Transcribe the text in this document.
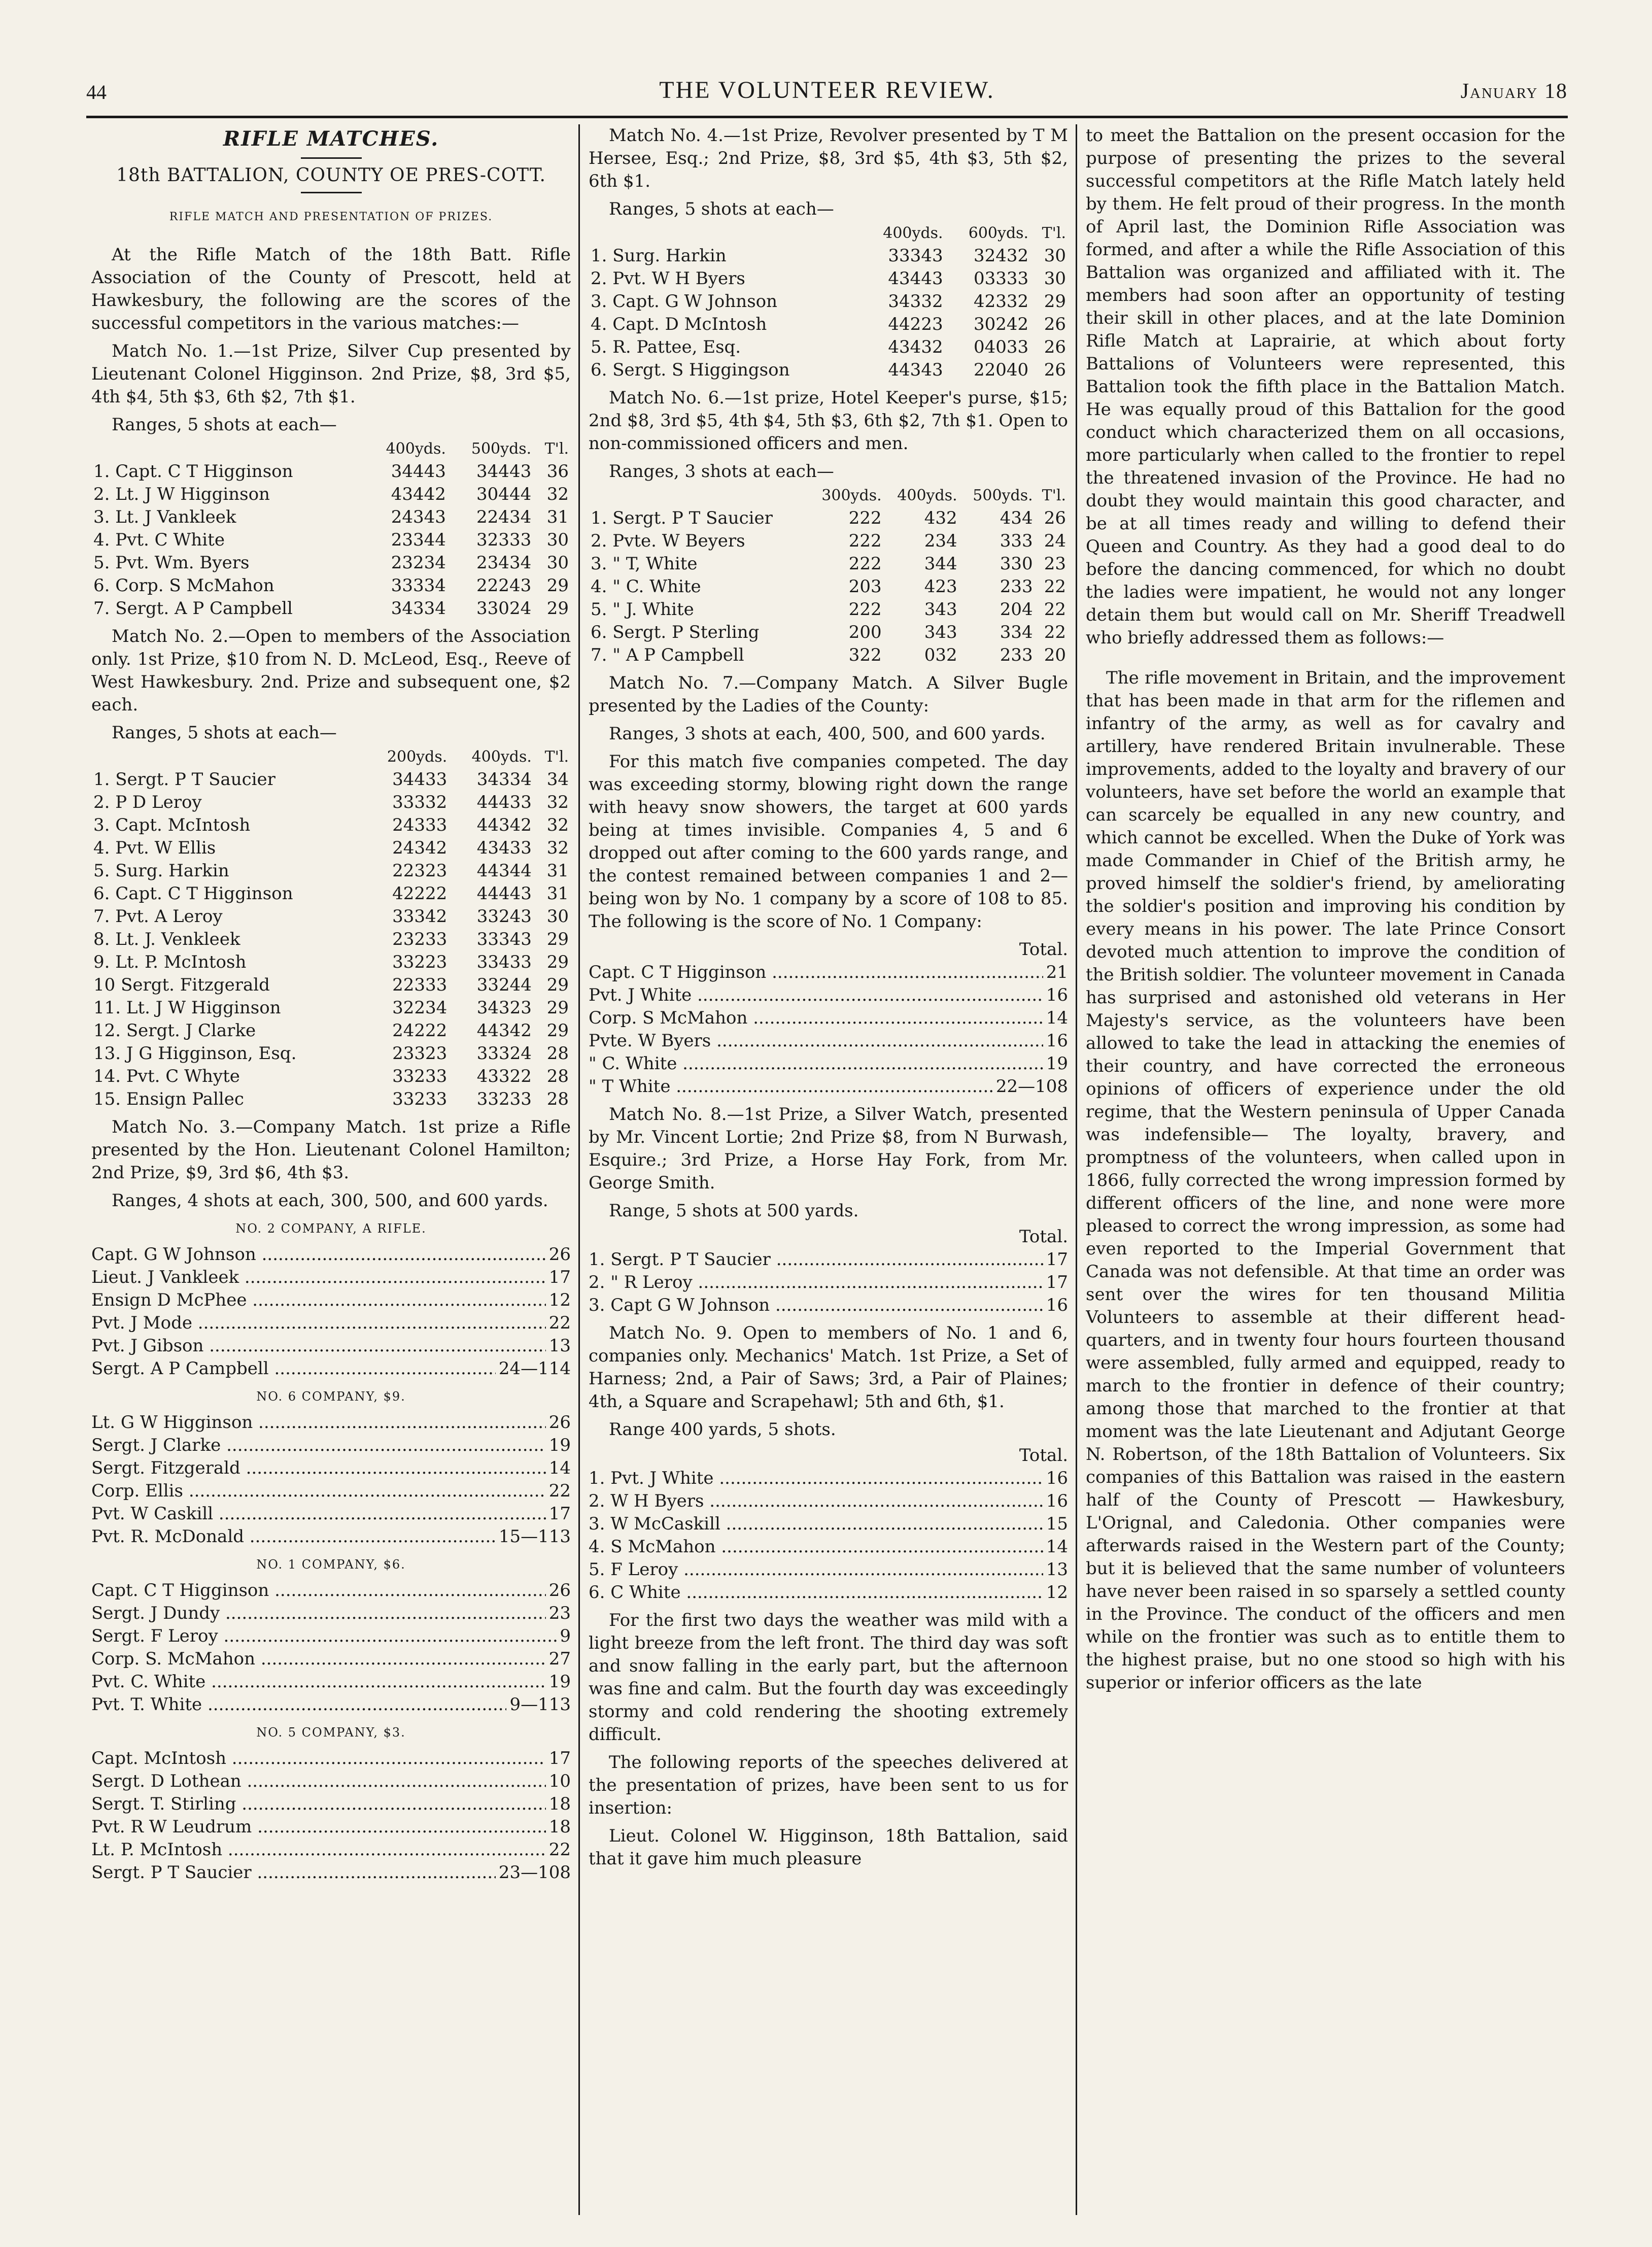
44	THE VOLUNTEER REVIEW.	January 18
RIFLE MATCHES.
18th BATTALION, COUNTY OE PRES-COTT.
RIFLE MATCH AND PRESENTATION OF PRIZES.

At the Rifle Match of the 18th Batt. Rifle Association of the County of Prescott, held at Hawkesbury, the following are the scores of the successful competitors in the various matches:—

Match No. 1.—1st Prize, Silver Cup presented by Lieutenant Colonel Higginson. 2nd Prize, $8, 3rd $5, 4th $4, 5th $3, 6th $2, 7th $1.

Ranges, 5 shots at each—
	400yds.	500yds.	T'l.
1. Capt. C T Higginson	34443	34443	36
2. Lt. J W Higginson	43442	30444	32
3. Lt. J Vankleek	24343	22434	31
4. Pvt. C White	23344	32333	30
5. Pvt. Wm. Byers	23234	23434	30
6. Corp. S McMahon	33334	22243	29
7. Sergt. A P Campbell	34334	33024	29

Match No. 2.—Open to members of the Association only. 1st Prize, $10 from N. D. McLeod, Esq., Reeve of West Hawkesbury. 2nd. Prize and subsequent one, $2 each.

Ranges, 5 shots at each—
	200yds.	400yds.	T'l.
1. Sergt. P T Saucier	34433	34334	34
2. P D Leroy	33332	44433	32
3. Capt. McIntosh	24333	44342	32
4. Pvt. W Ellis	24342	43433	32
5. Surg. Harkin	22323	44344	31
6. Capt. C T Higginson	42222	44443	31
7. Pvt. A Leroy	33342	33243	30
8. Lt. J. Venkleek	23233	33343	29
9. Lt. P. McIntosh	33223	33433	29
10 Sergt. Fitzgerald	22333	33244	29
11. Lt. J W Higginson	32234	34323	29
12. Sergt. J Clarke	24222	44342	29
13. J G Higginson, Esq.	23323	33324	28
14. Pvt. C Whyte	33233	43322	28
15. Ensign Pallec	33233	33233	28

Match No. 3.—Company Match. 1st prize a Rifle presented by the Hon. Lieutenant Colonel Hamilton; 2nd Prize, $9, 3rd $6, 4th $3.

Ranges, 4 shots at each, 300, 500, and 600 yards.

NO. 2 COMPANY, A RIFLE.
Capt. G W Johnson .....	26
Lieut. J Vankleek .....	17
Ensign D McPhee .....	12
Pvt. J Mode .....	22
Pvt. J Gibson .....	13
Sergt. A P Campbell .....	24—114
NO. 6 COMPANY, $9.
Lt. G W Higginson .....	26
Sergt. J Clarke .....	19
Sergt. Fitzgerald .....	14
Corp. Ellis .....	22
Pvt. W Caskill .....	17
Pvt. R. McDonald .....	15—113
NO. 1 COMPANY, $6.
Capt. C T Higginson .....	26
Sergt. J Dundy .....	23
Sergt. F Leroy .....	9
Corp. S. McMahon .....	27
Pvt. C. White .....	19
Pvt. T. White .....	9—113
NO. 5 COMPANY, $3.
Capt. McIntosh .....	17
Sergt. D Lothean .....	10
Sergt. T. Stirling .....	18
Pvt. R W Leudrum .....	18
Lt. P. McIntosh .....	22
Sergt. P T Saucier .....	23—108

Match No. 4.—1st Prize, Revolver presented by T M Hersee, Esq.; 2nd Prize, $8, 3rd $5, 4th $3, 5th $2, 6th $1.

Ranges, 5 shots at each—
	400yds.	600yds.	T'l.
1. Surg. Harkin	33343	32432	30
2. Pvt. W H Byers	43443	03333	30
3. Capt. G W Johnson	34332	42332	29
4. Capt. D McIntosh	44223	30242	26
5. R. Pattee, Esq.	43432	04033	26
6. Sergt. S Higgingson	44343	22040	26

Match No. 6.—1st prize, Hotel Keeper's purse, $15; 2nd $8, 3rd $5, 4th $4, 5th $3, 6th $2, 7th $1. Open to non-commissioned officers and men.

Ranges, 3 shots at each—
	300yds.	400yds.	500yds.	T'l.
1. Sergt. P T Saucier	222	432	434	26
2. Pvte. W Beyers	222	234	333	24
3. " T, White	222	344	330	23
4. " C. White	203	423	233	22
5. " J. White	222	343	204	22
6. Sergt. P Sterling	200	343	334	22
7. " A P Campbell	322	032	233	20

Match No. 7.—Company Match. A Silver Bugle presented by the Ladies of the County:

Ranges, 3 shots at each, 400, 500, and 600 yards.

For this match five companies competed. The day was exceeding stormy, blowing right down the range with heavy snow showers, the target at 600 yards being at times invisible. Companies 4, 5 and 6 dropped out after coming to the 600 yards range, and the contest remained between companies 1 and 2—being won by No. 1 company by a score of 108 to 85. The following is the score of No. 1 Company:

Total.
Capt. C T Higginson .....	21
Pvt. J White .....	16
Corp. S McMahon .....	14
Pvte. W Byers .....	16
" C. White .....	19
" T White .....	22—108

Match No. 8.—1st Prize, a Silver Watch, presented by Mr. Vincent Lortie; 2nd Prize $8, from N Burwash, Esquire.; 3rd Prize, a Horse Hay Fork, from Mr. George Smith.

Range, 5 shots at 500 yards.
Total.
1. Sergt. P T Saucier .....	17
2. " R Leroy .....	17
3. Capt G W Johnson .....	16

Match No. 9. Open to members of No. 1 and 6, companies only. Mechanics' Match. 1st Prize, a Set of Harness; 2nd, a Pair of Saws; 3rd, a Pair of Plaines; 4th, a Square and Scrapehawl; 5th and 6th, $1.

Range 400 yards, 5 shots.
Total.
1. Pvt. J White .....	16
2. W H Byers .....	16
3. W McCaskill .....	15
4. S McMahon .....	14
5. F Leroy .....	13
6. C White .....	12

For the first two days the weather was mild with a light breeze from the left front. The third day was soft and snow falling in the early part, but the afternoon was fine and calm. But the fourth day was exceedingly stormy and cold rendering the shooting extremely difficult.

The following reports of the speeches delivered at the presentation of prizes, have been sent to us for insertion:

Lieut. Colonel W. Higginson, 18th Battalion, said that it gave him much pleasure

to meet the Battalion on the present occasion for the purpose of presenting the prizes to the several successful competitors at the Rifle Match lately held by them. He felt proud of their progress. In the month of April last, the Dominion Rifle Association was formed, and after a while the Rifle Association of this Battalion was organized and affiliated with it. The members had soon after an opportunity of testing their skill in other places, and at the late Dominion Rifle Match at Laprairie, at which about forty Battalions of Volunteers were represented, this Battalion took the fifth place in the Battalion Match. He was equally proud of this Battalion for the good conduct which characterized them on all occasions, more particularly when called to the frontier to repel the threatened invasion of the Province. He had no doubt they would maintain this good character, and be at all times ready and willing to defend their Queen and Country. As they had a good deal to do before the dancing commenced, for which no doubt the ladies were impatient, he would not any longer detain them but would call on Mr. Sheriff Treadwell who briefly addressed them as follows:—

The rifle movement in Britain, and the improvement that has been made in that arm for the riflemen and infantry of the army, as well as for cavalry and artillery, have rendered Britain invulnerable. These improvements, added to the loyalty and bravery of our volunteers, have set before the world an example that can scarcely be equalled in any new country, and which cannot be excelled. When the Duke of York was made Commander in Chief of the British army, he proved himself the soldier's friend, by ameliorating the soldier's position and improving his condition by every means in his power. The late Prince Consort devoted much attention to improve the condition of the British soldier. The volunteer movement in Canada has surprised and astonished old veterans in Her Majesty's service, as the volunteers have been allowed to take the lead in attacking the enemies of their country, and have corrected the erroneous opinions of officers of experience under the old regime, that the Western peninsula of Upper Canada was indefensible— The loyalty, bravery, and promptness of the volunteers, when called upon in 1866, fully corrected the wrong impression formed by different officers of the line, and none were more pleased to correct the wrong impression, as some had even reported to the Imperial Government that Canada was not defensible. At that time an order was sent over the wires for ten thousand Militia Volunteers to assemble at their different head-quarters, and in twenty four hours fourteen thousand were assembled, fully armed and equipped, ready to march to the frontier in defence of their country; among those that marched to the frontier at that moment was the late Lieutenant and Adjutant George N. Robertson, of the 18th Battalion of Volunteers. Six companies of this Battalion was raised in the eastern half of the County of Prescott — Hawkesbury, L'Orignal, and Caledonia. Other companies were afterwards raised in the Western part of the County; but it is believed that the same number of volunteers have never been raised in so sparsely a settled county in the Province. The conduct of the officers and men while on the frontier was such as to entitle them to the highest praise, but no one stood so high with his superior or inferior officers as the late
